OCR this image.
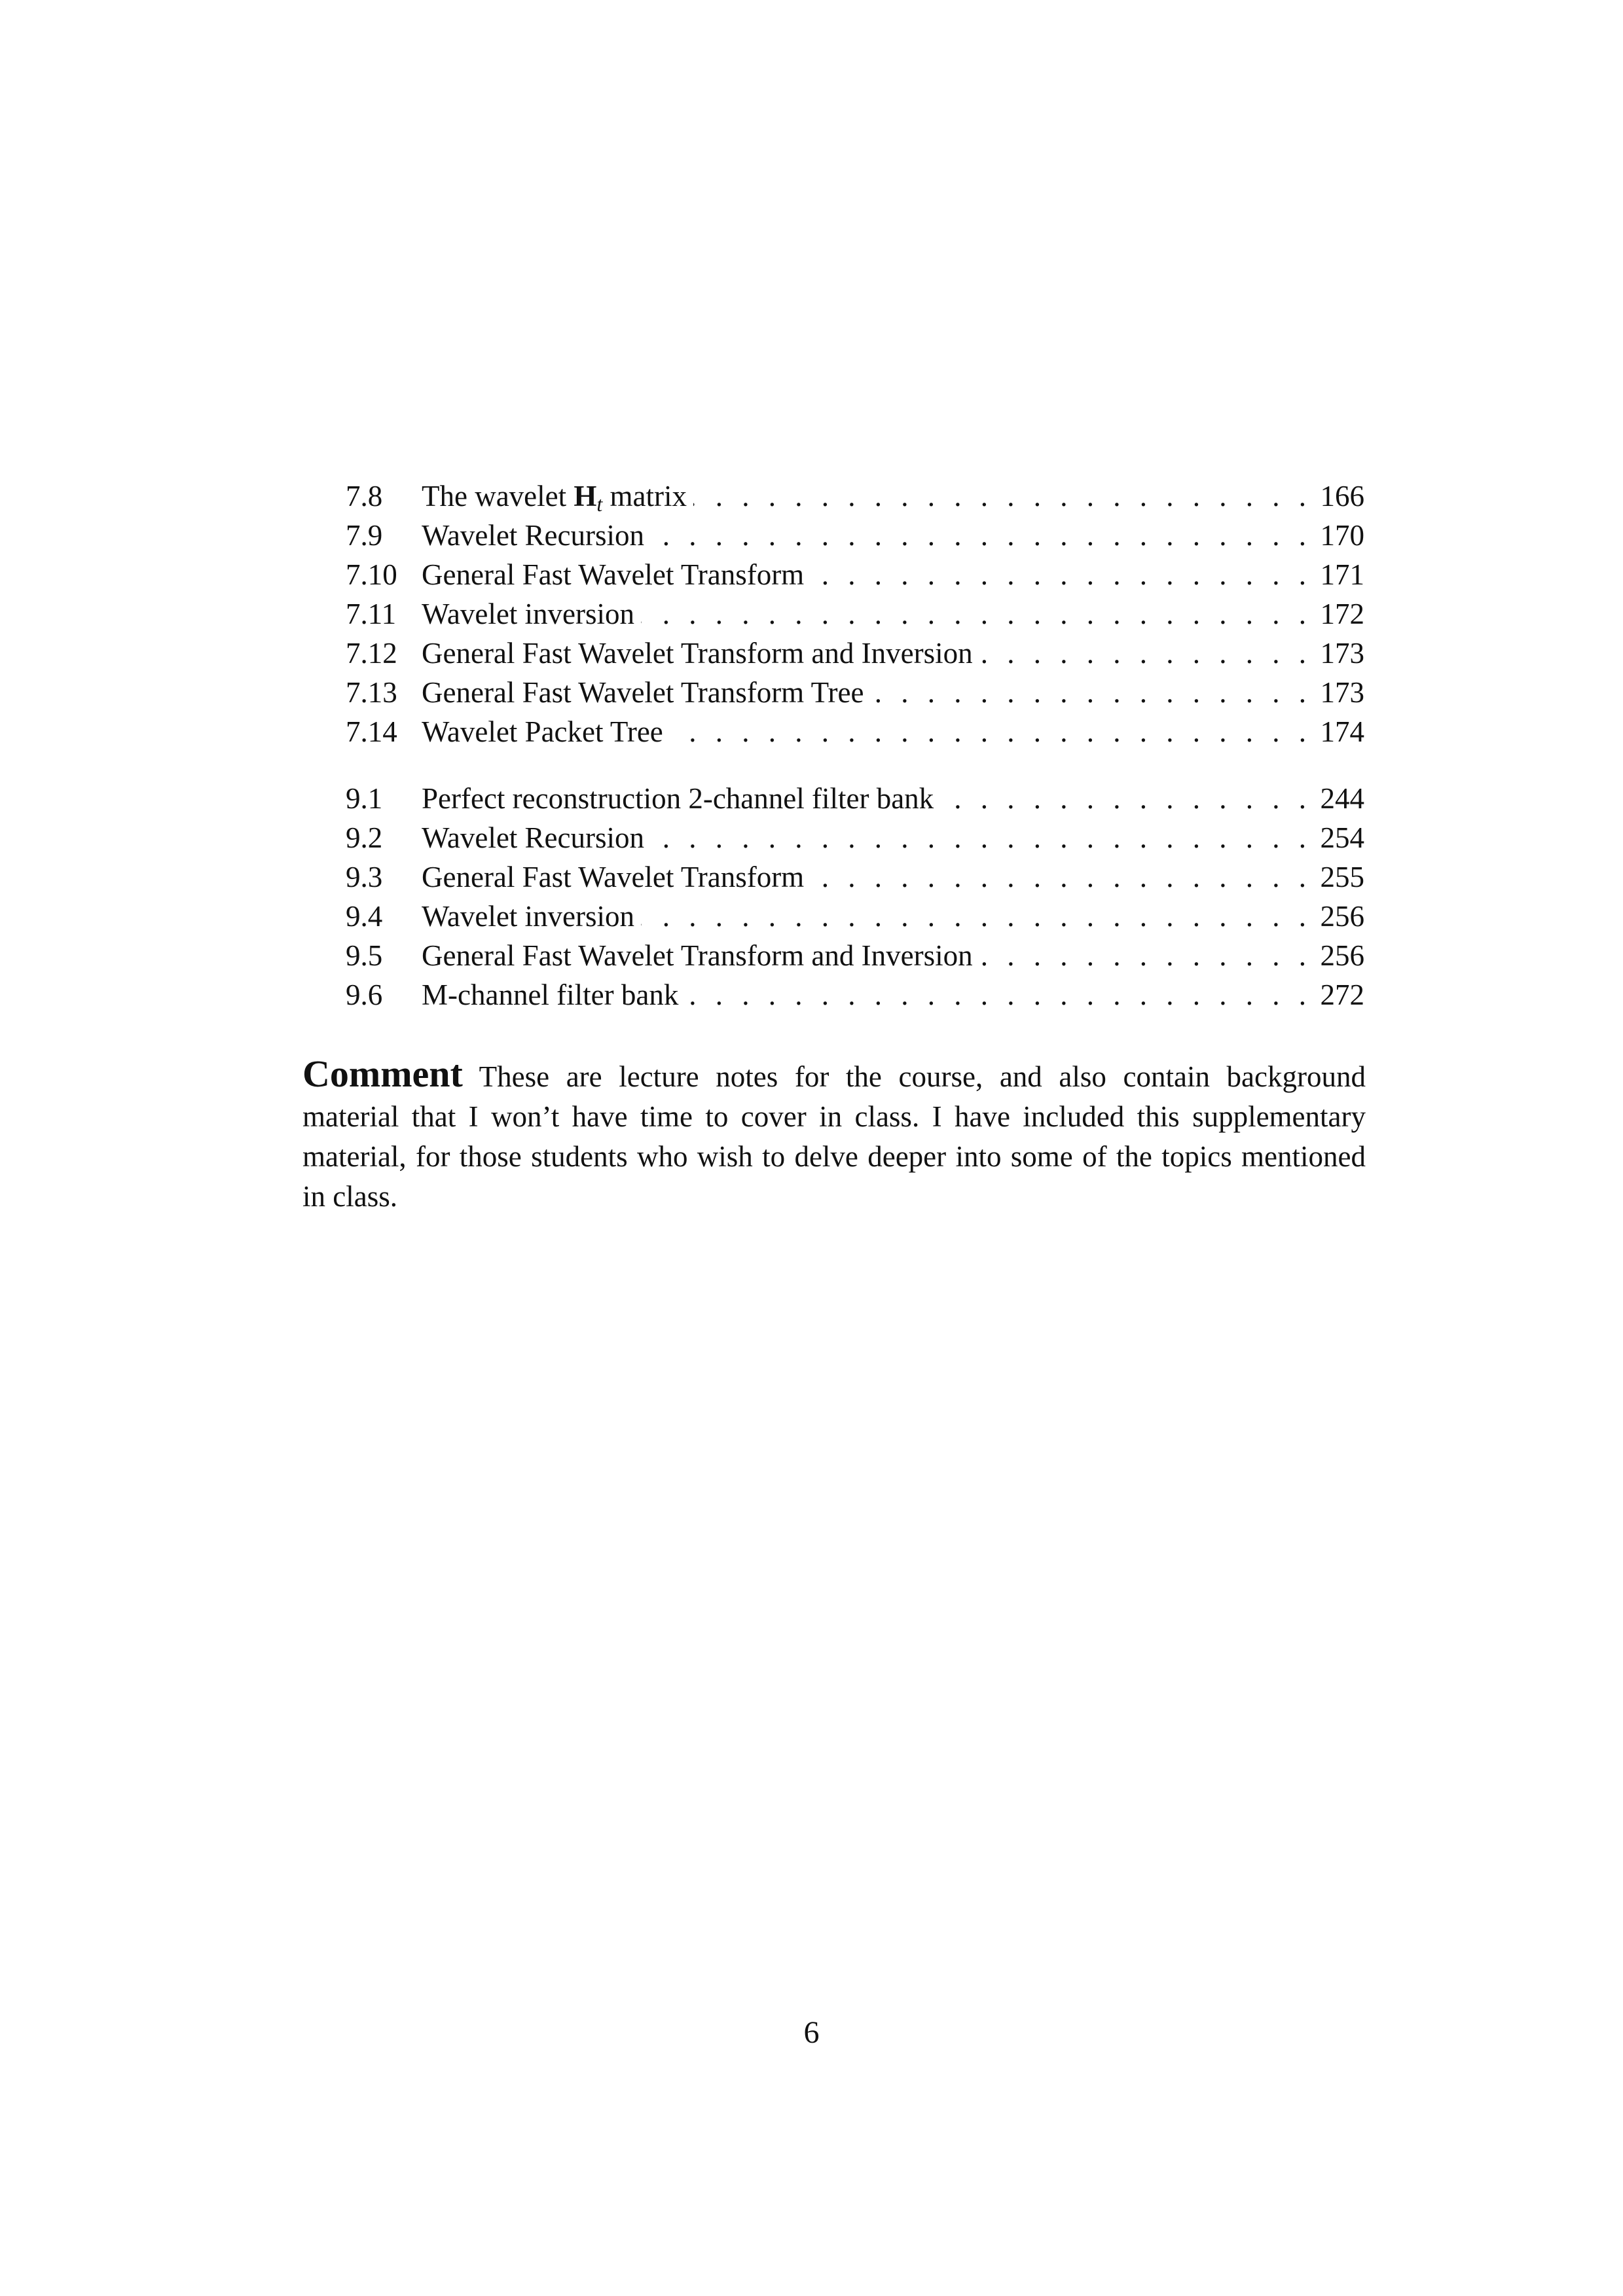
7.8	The wavelet Ht matrix . . .	166
7.9	Wavelet Recursion . . .	170
7.10 General Fast Wavelet Transform . . .	171
7.11 Wavelet inversion . . .	172
7.12 General Fast Wavelet Transform and Inversion . . .	173
7.13 General Fast Wavelet Transform Tree . . .	173
7.14 Wavelet Packet Tree . . .	174
9.1	Perfect reconstruction 2-channel filter bank . . .	244
9.2	Wavelet Recursion . . .	254
9.3	General Fast Wavelet Transform . . .	255
9.4	Wavelet inversion . . .	256
9.5	General Fast Wavelet Transform and Inversion . . .	256
9.6	M-channel filter bank . . .	272
Comment These are lecture notes for the course, and also contain background material that I won’t have time to cover in class. I have included this supplementary material, for those students who wish to delve deeper into some of the topics mentioned in class.
6
